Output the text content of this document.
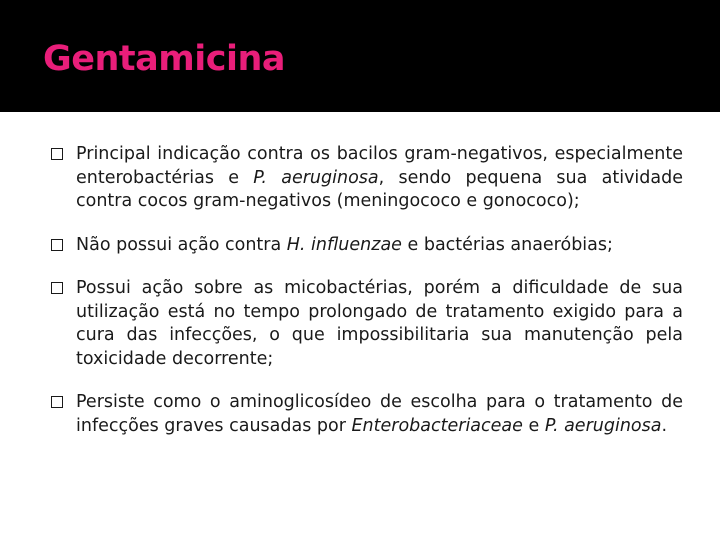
Gentamicina
Principal indicação contra os bacilos gram-negativos, especialmente enterobactérias e P. aeruginosa, sendo pequena sua atividade contra cocos gram-negativos (meningococo e gonococo);
Não possui ação contra H. influenzae e bactérias anaeróbias;
Possui ação sobre as micobactérias, porém a dificuldade de sua utilização está no tempo prolongado de tratamento exigido para a cura das infecções, o que impossibilitaria sua manutenção pela toxicidade decorrente;
Persiste como o aminoglicosídeo de escolha para o tratamento de infecções graves causadas por Enterobacteriaceae e P. aeruginosa.
